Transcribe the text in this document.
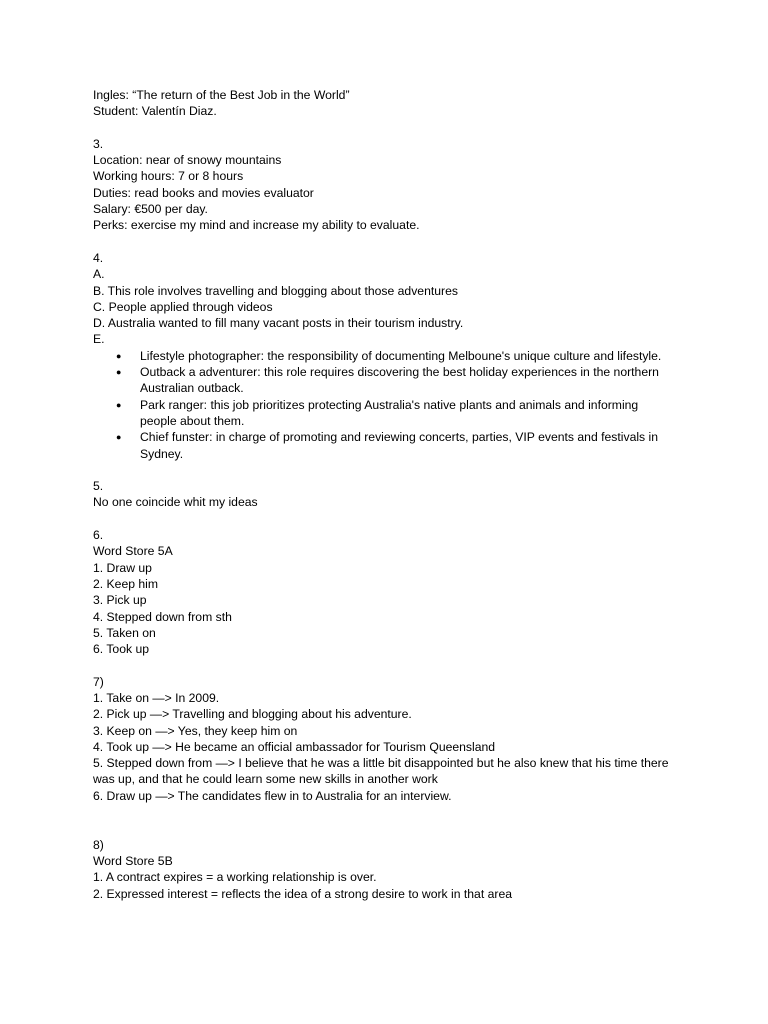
Ingles: “The return of the Best Job in the World”
Student: Valentín Diaz.
3.
Location: near of snowy mountains
Working hours: 7 or 8 hours
Duties: read books and movies evaluator
Salary: €500 per day.
Perks: exercise my mind and increase my ability to evaluate.
4.
A.
B. This role involves travelling and blogging about those adventures
C. People applied through videos
D. Australia wanted to fill many vacant posts in their tourism industry.
E.
● Lifestyle photographer: the responsibility of documenting Melboune's unique culture and lifestyle.
● Outback a adventurer: this role requires discovering the best holiday experiences in the northern Australian outback.
● Park ranger: this job prioritizes protecting Australia's native plants and animals and informing people about them.
● Chief funster: in charge of promoting and reviewing concerts, parties, VIP events and festivals in Sydney.
5.
No one coincide whit my ideas
6.
Word Store 5A
1. Draw up
2. Keep him
3. Pick up
4. Stepped down from sth
5. Taken on
6. Took up
7)
1. Take on —> In 2009.
2. Pick up —> Travelling and blogging about his adventure.
3. Keep on —> Yes, they keep him on
4. Took up —> He became an official ambassador for Tourism Queensland
5. Stepped down from —> I believe that he was a little bit disappointed but he also knew that his time there was up, and that he could learn some new skills in another work
6. Draw up —> The candidates flew in to Australia for an interview.
8)
Word Store 5B
1. A contract expires = a working relationship is over.
2. Expressed interest = reflects the idea of a strong desire to work in that area
